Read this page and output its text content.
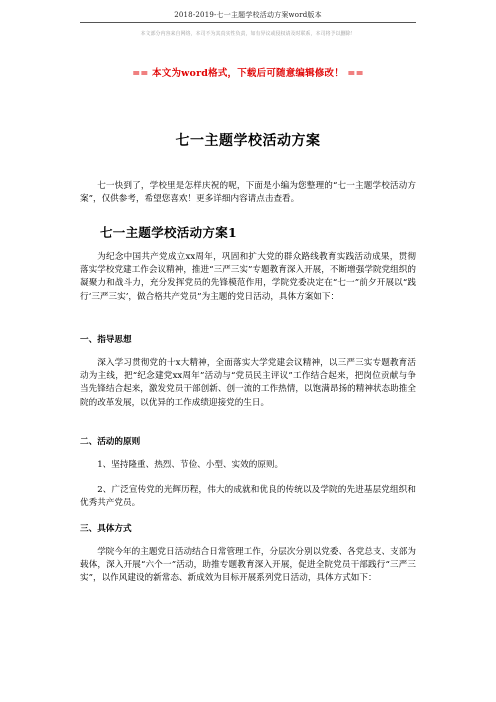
2018-2019-七一主题学校活动方案word版本
本文部分内容来自网络，本司不为其真实性负责，如有异议或侵权请及时联系，本司将予以删除！
== 本文为word格式，下载后可随意编辑修改！ ==
七一主题学校活动方案

七一快到了，学校里是怎样庆祝的呢，下面是小编为您整理的“七一主题学校活动方案”，仅供参考，希望您喜欢！更多详细内容请点击查看。

七一主题学校活动方案1

为纪念中国共产党成立xx周年，巩固和扩大党的群众路线教育实践活动成果，贯彻落实学校党建工作会议精神，推进“三严三实”专题教育深入开展，不断增强学院党组织的凝聚力和战斗力，充分发挥党员的先锋模范作用，学院党委决定在“七一”前夕开展以“践行‘三严三实’，做合格共产党员”为主题的党日活动，具体方案如下：

一、指导思想

深入学习贯彻党的十x大精神，全面落实大学党建会议精神，以三严三实专题教育活动为主线，把“纪念建党xx周年”活动与“党员民主评议”工作结合起来，把岗位贡献与争当先锋结合起来，激发党员干部创新、创一流的工作热情，以饱满昂扬的精神状态助推全院的改革发展，以优异的工作成绩迎接党的生日。

二、活动的原则

1、坚持隆重、热烈、节俭、小型、实效的原则。

2、广泛宣传党的光辉历程，伟大的成就和优良的传统以及学院的先进基层党组织和优秀共产党员。

三、具体方式

学院今年的主题党日活动结合日常管理工作，分层次分别以党委、各党总支、支部为载体，深入开展“六个一”活动，助推专题教育深入开展，促进全院党员干部践行“三严三实”，以作风建设的新常态、新成效为目标开展系列党日活动，具体方式如下：
